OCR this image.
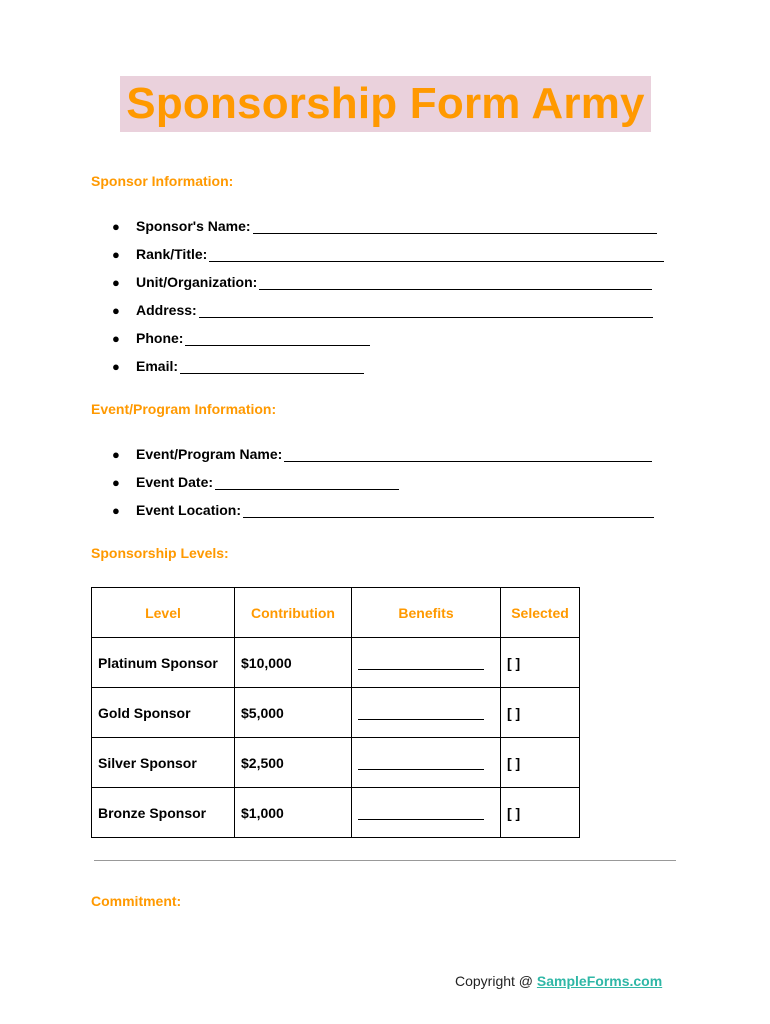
Sponsorship Form Army
Sponsor Information:
● Sponsor's Name:
● Rank/Title:
● Unit/Organization:
● Address:
● Phone:
● Email:
Event/Program Information:
● Event/Program Name:
● Event Date:
● Event Location:
Sponsorship Levels:
Level	Contribution	Benefits	Selected
Platinum Sponsor	$10,000		[ ]
Gold Sponsor	$5,000		[ ]
Silver Sponsor	$2,500		[ ]
Bronze Sponsor	$1,000		[ ]
Commitment:
Copyright @ SampleForms.com
